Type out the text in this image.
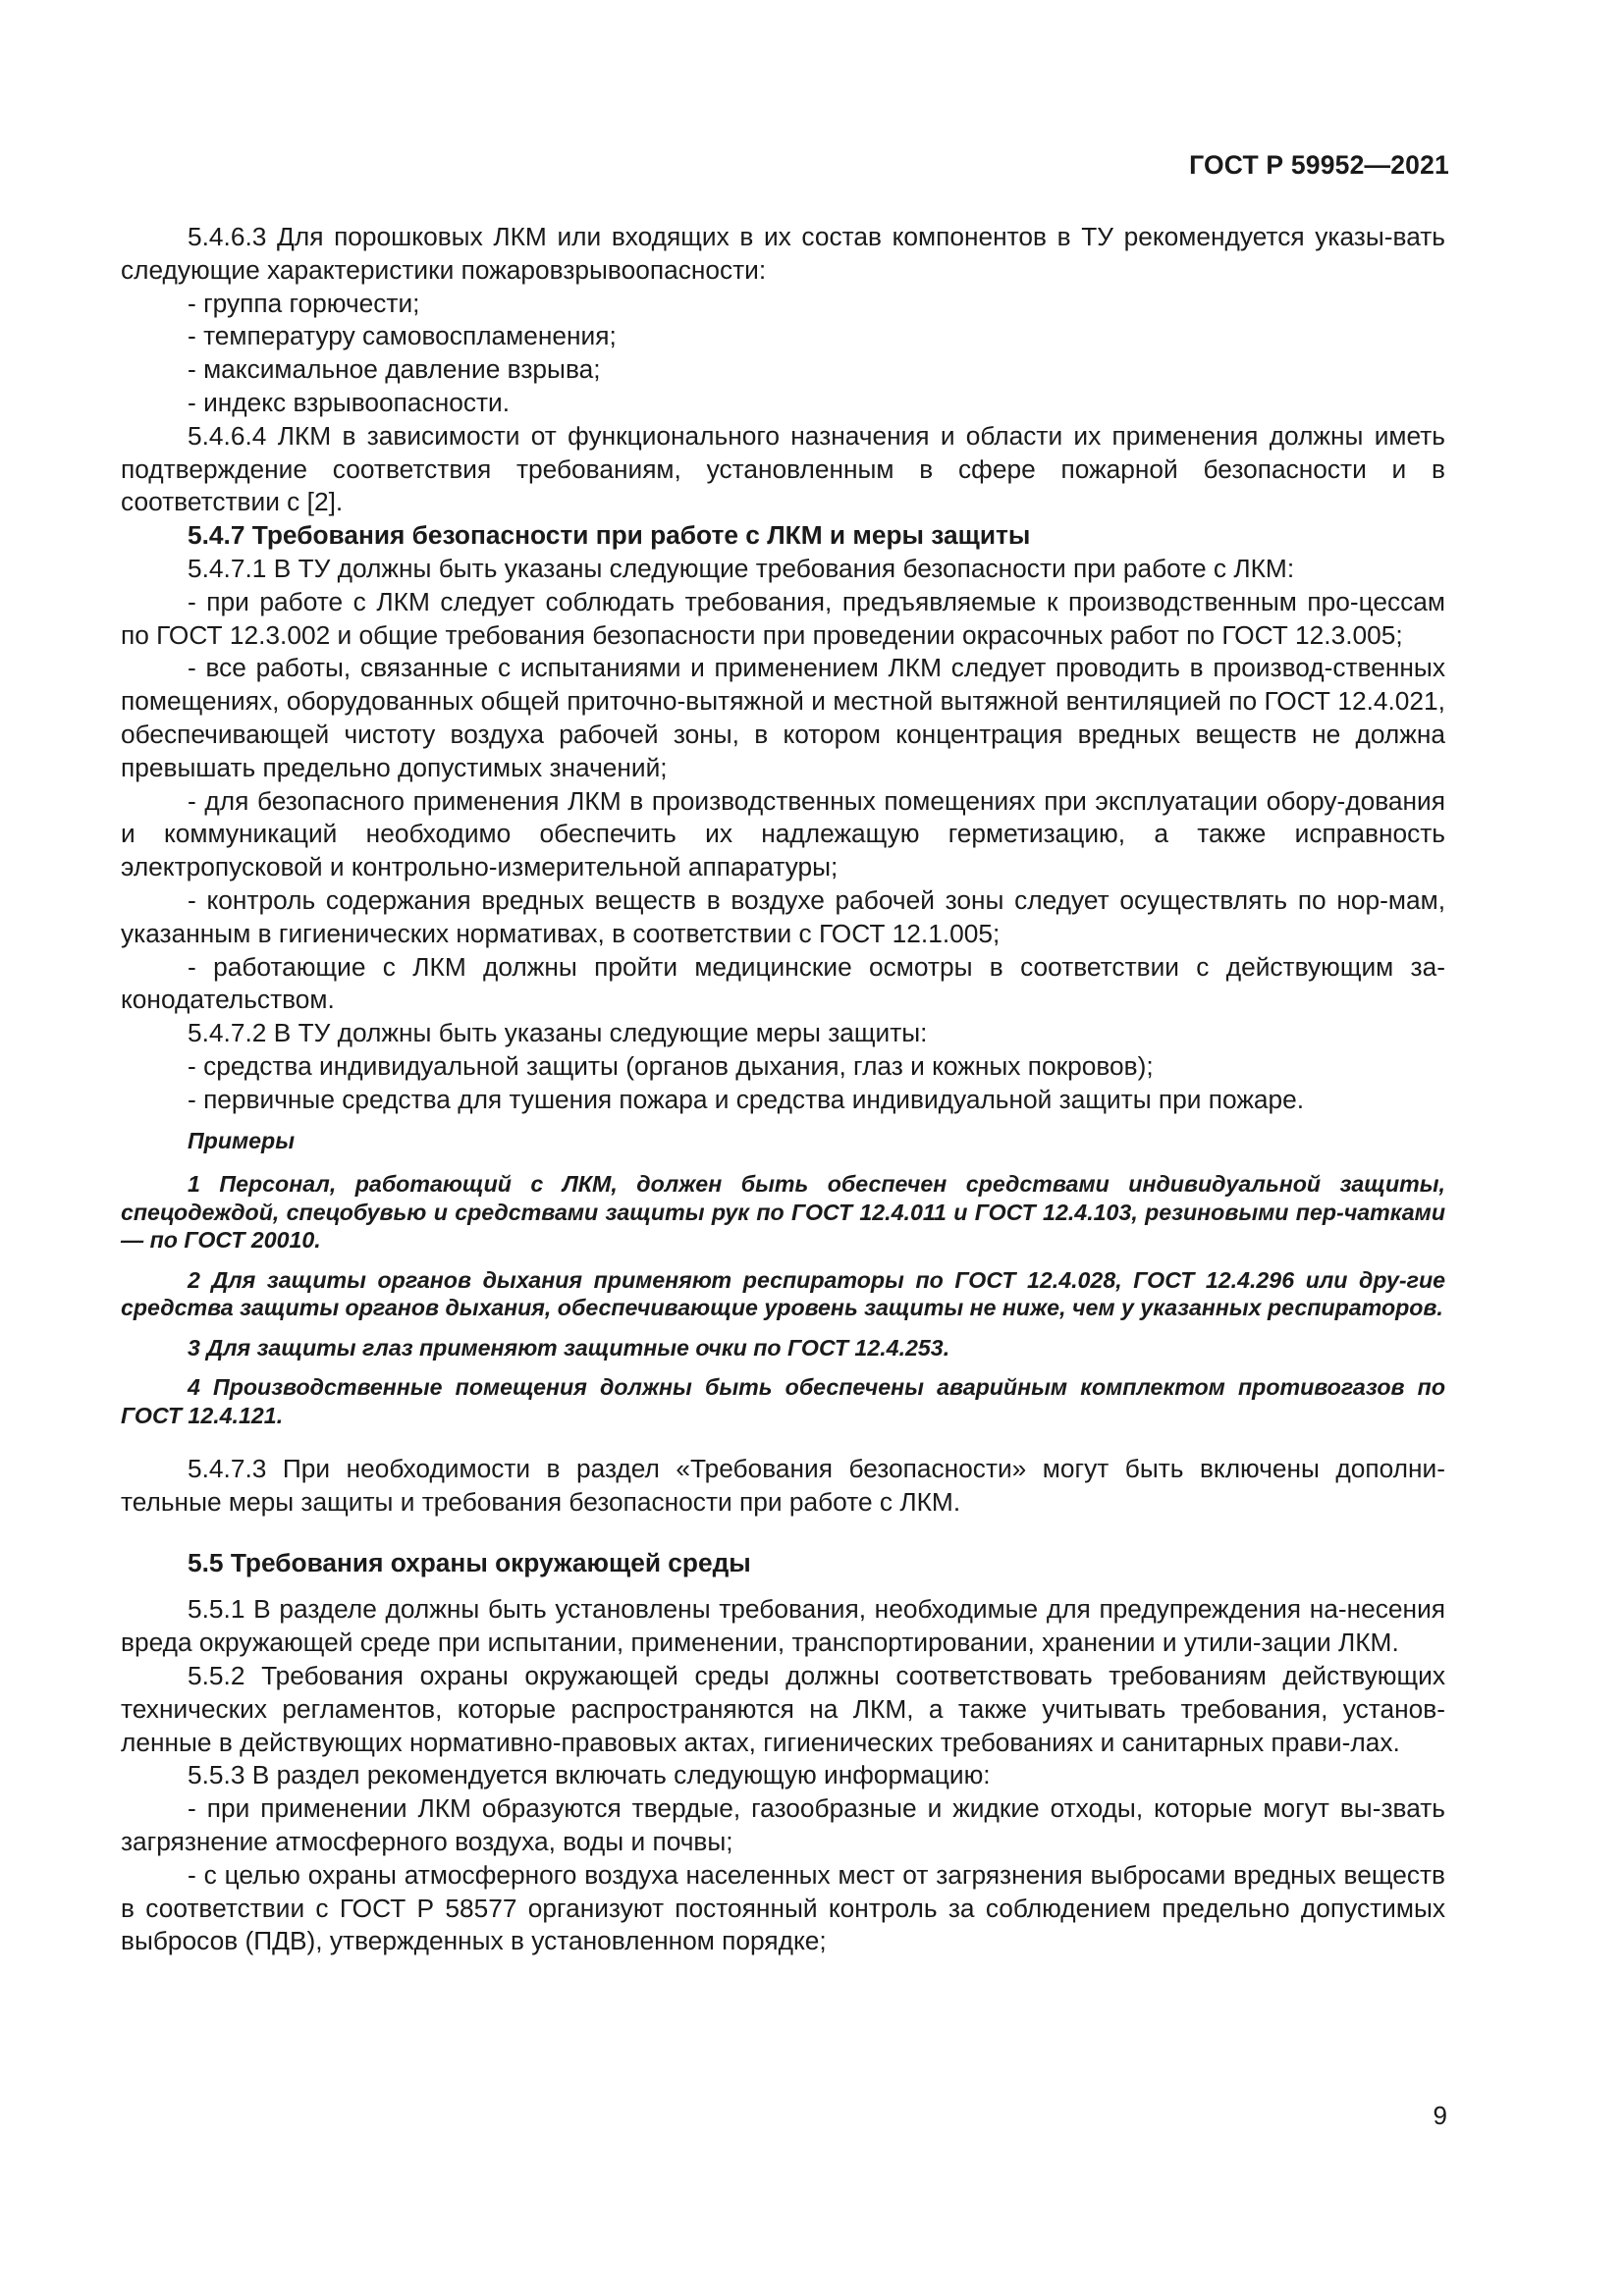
ГОСТ Р 59952—2021

5.4.6.3 Для порошковых ЛКМ или входящих в их состав компонентов в ТУ рекомендуется указы-вать следующие характеристики пожаровзрывоопасности:

- группа горючести;

- температуру самовоспламенения;

- максимальное давление взрыва;

- индекс взрывоопасности.

5.4.6.4 ЛКМ в зависимости от функционального назначения и области их применения должны иметь подтверждение соответствия требованиям, установленным в сфере пожарной безопасности и в соответствии с [2].

5.4.7 Требования безопасности при работе с ЛКМ и меры защиты

5.4.7.1 В ТУ должны быть указаны следующие требования безопасности при работе с ЛКМ:

- при работе с ЛКМ следует соблюдать требования, предъявляемые к производственным про-цессам по ГОСТ 12.3.002 и общие требования безопасности при проведении окрасочных работ по ГОСТ 12.3.005;

- все работы, связанные с испытаниями и применением ЛКМ следует проводить в производ-ственных помещениях, оборудованных общей приточно-вытяжной и местной вытяжной вентиляцией по ГОСТ 12.4.021, обеспечивающей чистоту воздуха рабочей зоны, в котором концентрация вредных веществ не должна превышать предельно допустимых значений;

- для безопасного применения ЛКМ в производственных помещениях при эксплуатации обору-дования и коммуникаций необходимо обеспечить их надлежащую герметизацию, а также исправность электропусковой и контрольно-измерительной аппаратуры;

- контроль содержания вредных веществ в воздухе рабочей зоны следует осуществлять по нор-мам, указанным в гигиенических нормативах, в соответствии с ГОСТ 12.1.005;

- работающие с ЛКМ должны пройти медицинские осмотры в соответствии с действующим за-конодательством.

5.4.7.2 В ТУ должны быть указаны следующие меры защиты:

- средства индивидуальной защиты (органов дыхания, глаз и кожных покровов);

- первичные средства для тушения пожара и средства индивидуальной защиты при пожаре.

Примеры

1 Персонал, работающий с ЛКМ, должен быть обеспечен средствами индивидуальной защиты, спецодеждой, спецобувью и средствами защиты рук по ГОСТ 12.4.011 и ГОСТ 12.4.103, резиновыми пер-чатками — по ГОСТ 20010.

2 Для защиты органов дыхания применяют респираторы по ГОСТ 12.4.028, ГОСТ 12.4.296 или дру-гие средства защиты органов дыхания, обеспечивающие уровень защиты не ниже, чем у указанных респираторов.

3 Для защиты глаз применяют защитные очки по ГОСТ 12.4.253.

4 Производственные помещения должны быть обеспечены аварийным комплектом противогазов по ГОСТ 12.4.121.

5.4.7.3 При необходимости в раздел «Требования безопасности» могут быть включены дополни-тельные меры защиты и требования безопасности при работе с ЛКМ.

5.5 Требования охраны окружающей среды

5.5.1 В разделе должны быть установлены требования, необходимые для предупреждения на-несения вреда окружающей среде при испытании, применении, транспортировании, хранении и утили-зации ЛКМ.

5.5.2 Требования охраны окружающей среды должны соответствовать требованиям действующих технических регламентов, которые распространяются на ЛКМ, а также учитывать требования, установ-ленные в действующих нормативно-правовых актах, гигиенических требованиях и санитарных прави-лах.

5.5.3 В раздел рекомендуется включать следующую информацию:

- при применении ЛКМ образуются твердые, газообразные и жидкие отходы, которые могут вы-звать загрязнение атмосферного воздуха, воды и почвы;

- с целью охраны атмосферного воздуха населенных мест от загрязнения выбросами вредных веществ в соответствии с ГОСТ Р 58577 организуют постоянный контроль за соблюдением предельно допустимых выбросов (ПДВ), утвержденных в установленном порядке;

9
